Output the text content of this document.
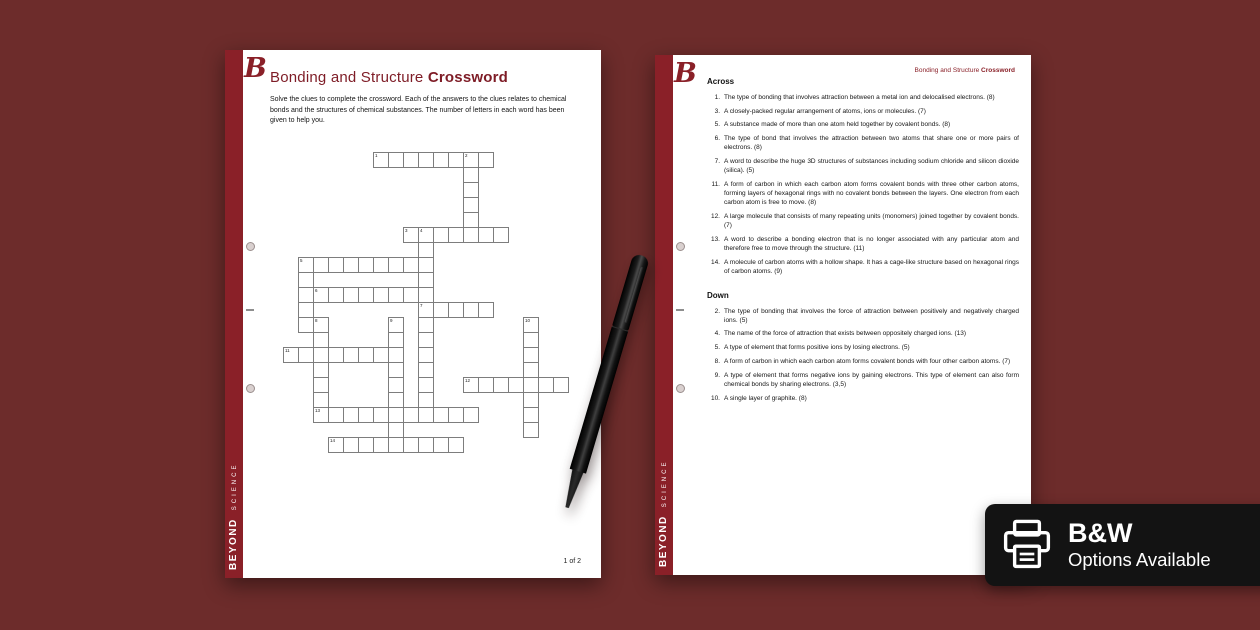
BEYOND
SCIENCE
B Bonding and Structure Crossword

Solve the clues to complete the crossword. Each of the answers to the clues relates to chemical bonds and the structures of chemical substances. The number of letters in each word has been given to help you.

1	2
3	4
7
5
6
8
13
9	10
11
12
14
1 of 2	BEYOND
SCIENCE
B	Bonding and Structure Crossword
Across
1. The type of bonding that involves attraction between a metal ion and delocalised electrons. (8)
3. A closely-packed regular arrangement of atoms, ions or molecules. (7)
5. A substance made of more than one atom held together by covalent bonds. (8)
6. The type of bond that involves the attraction between two atoms that share one or more pairs of electrons. (8)
7. A word to describe the huge 3D structures of substances including sodium chloride and silicon dioxide (silica). (5)
11. A form of carbon in which each carbon atom forms covalent bonds with three other carbon atoms, forming layers of hexagonal rings with no covalent bonds between the layers. One electron from each carbon atom is free to move. (8)
12. A large molecule that consists of many repeating units (monomers) joined together by covalent bonds. (7)
13. A word to describe a bonding electron that is no longer associated with any particular atom and therefore free to move through the structure. (11)
14. A molecule of carbon atoms with a hollow shape. It has a cage-like structure based on hexagonal rings of carbon atoms. (9)
Down
2. The type of bonding that involves the force of attraction between positively and negatively charged ions. (5)
4. The name of the force of attraction that exists between oppositely charged ions. (13)
5. A type of element that forms positive ions by losing electrons. (5)
8. A form of carbon in which each carbon atom forms covalent bonds with four other carbon atoms. (7)
9. A type of element that forms negative ions by gaining electrons. This type of element can also form chemical bonds by sharing electrons. (3,5)
10. A single layer of graphite. (8)
B&W
Options Available
